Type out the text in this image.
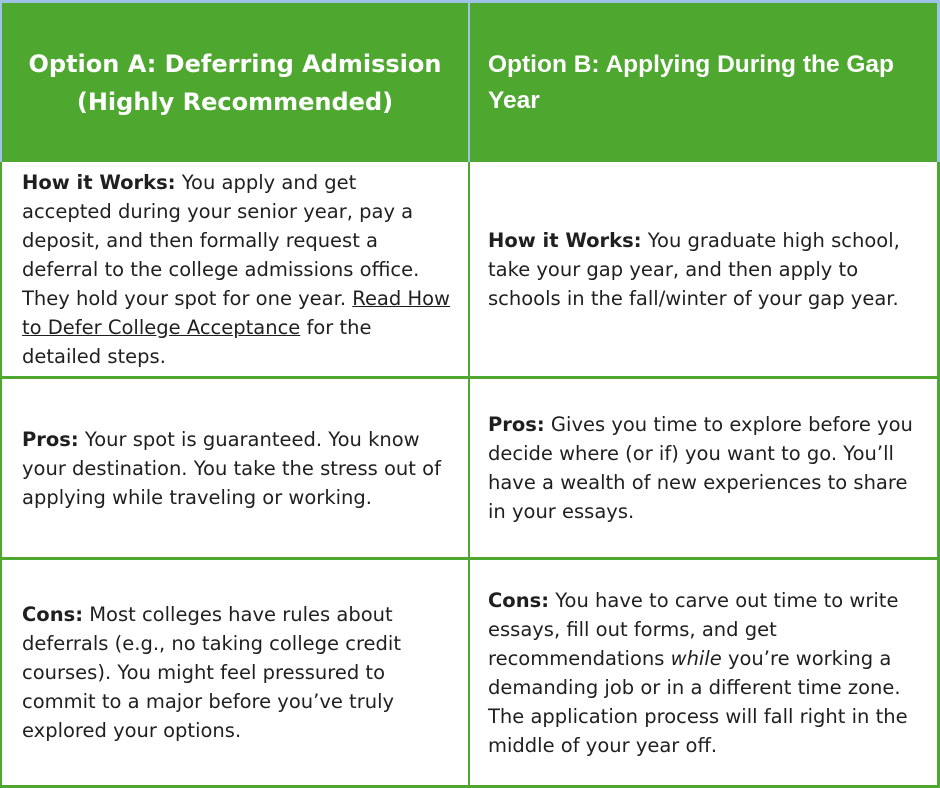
Option A: Deferring Admission (Highly Recommended)
Option B: Applying During the Gap Year
How it Works: You apply and get accepted during your senior year, pay a deposit, and then formally request a deferral to the college admissions office. They hold your spot for one year. Read How to Defer College Acceptance for the detailed steps.
How it Works: You graduate high school, take your gap year, and then apply to schools in the fall/winter of your gap year.
Pros: Your spot is guaranteed. You know your destination. You take the stress out of applying while traveling or working.
Pros: Gives you time to explore before you decide where (or if) you want to go. You’ll have a wealth of new experiences to share in your essays.
Cons: Most colleges have rules about deferrals (e.g., no taking college credit courses). You might feel pressured to commit to a major before you’ve truly explored your options.
Cons: You have to carve out time to write essays, fill out forms, and get recommendations while you’re working a demanding job or in a different time zone. The application process will fall right in the middle of your year off.
